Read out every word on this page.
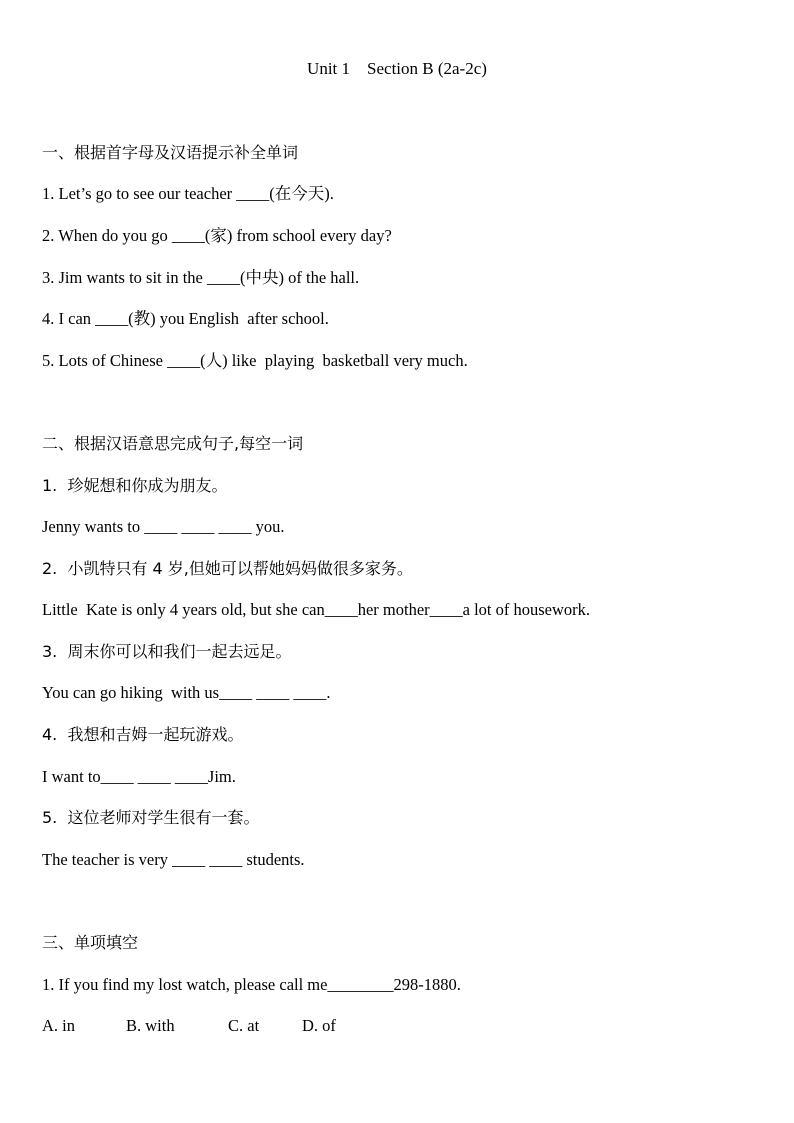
Unit 1    Section B (2a-2c)
一、根据首字母及汉语提示补全单词
1. Let’s go to see our teacher ____(在今天).
2. When do you go ____(家) from school every day?
3. Jim wants to sit in the ____(中央) of the hall.
4. I can ____(教) you English  after school.
5. Lots of Chinese ____(人) like  playing  basketball very much.
二、根据汉语意思完成句子,每空一词
1.  珍妮想和你成为朋友。
Jenny wants to ____ ____ ____ you.
2.  小凯特只有 4 岁,但她可以帮她妈妈做很多家务。
Little  Kate is only 4 years old, but she can____her mother____a lot of housework.
3.  周末你可以和我们一起去远足。
You can go hiking  with us____ ____ ____.
4.  我想和吉姆一起玩游戏。
I want to____ ____ ____Jim.
5.  这位老师对学生很有一套。
The teacher is very ____ ____ students.
三、单项填空
1. If you find my lost watch, please call me________298-1880.

A. in

	B. with

	C. at

	D. of
